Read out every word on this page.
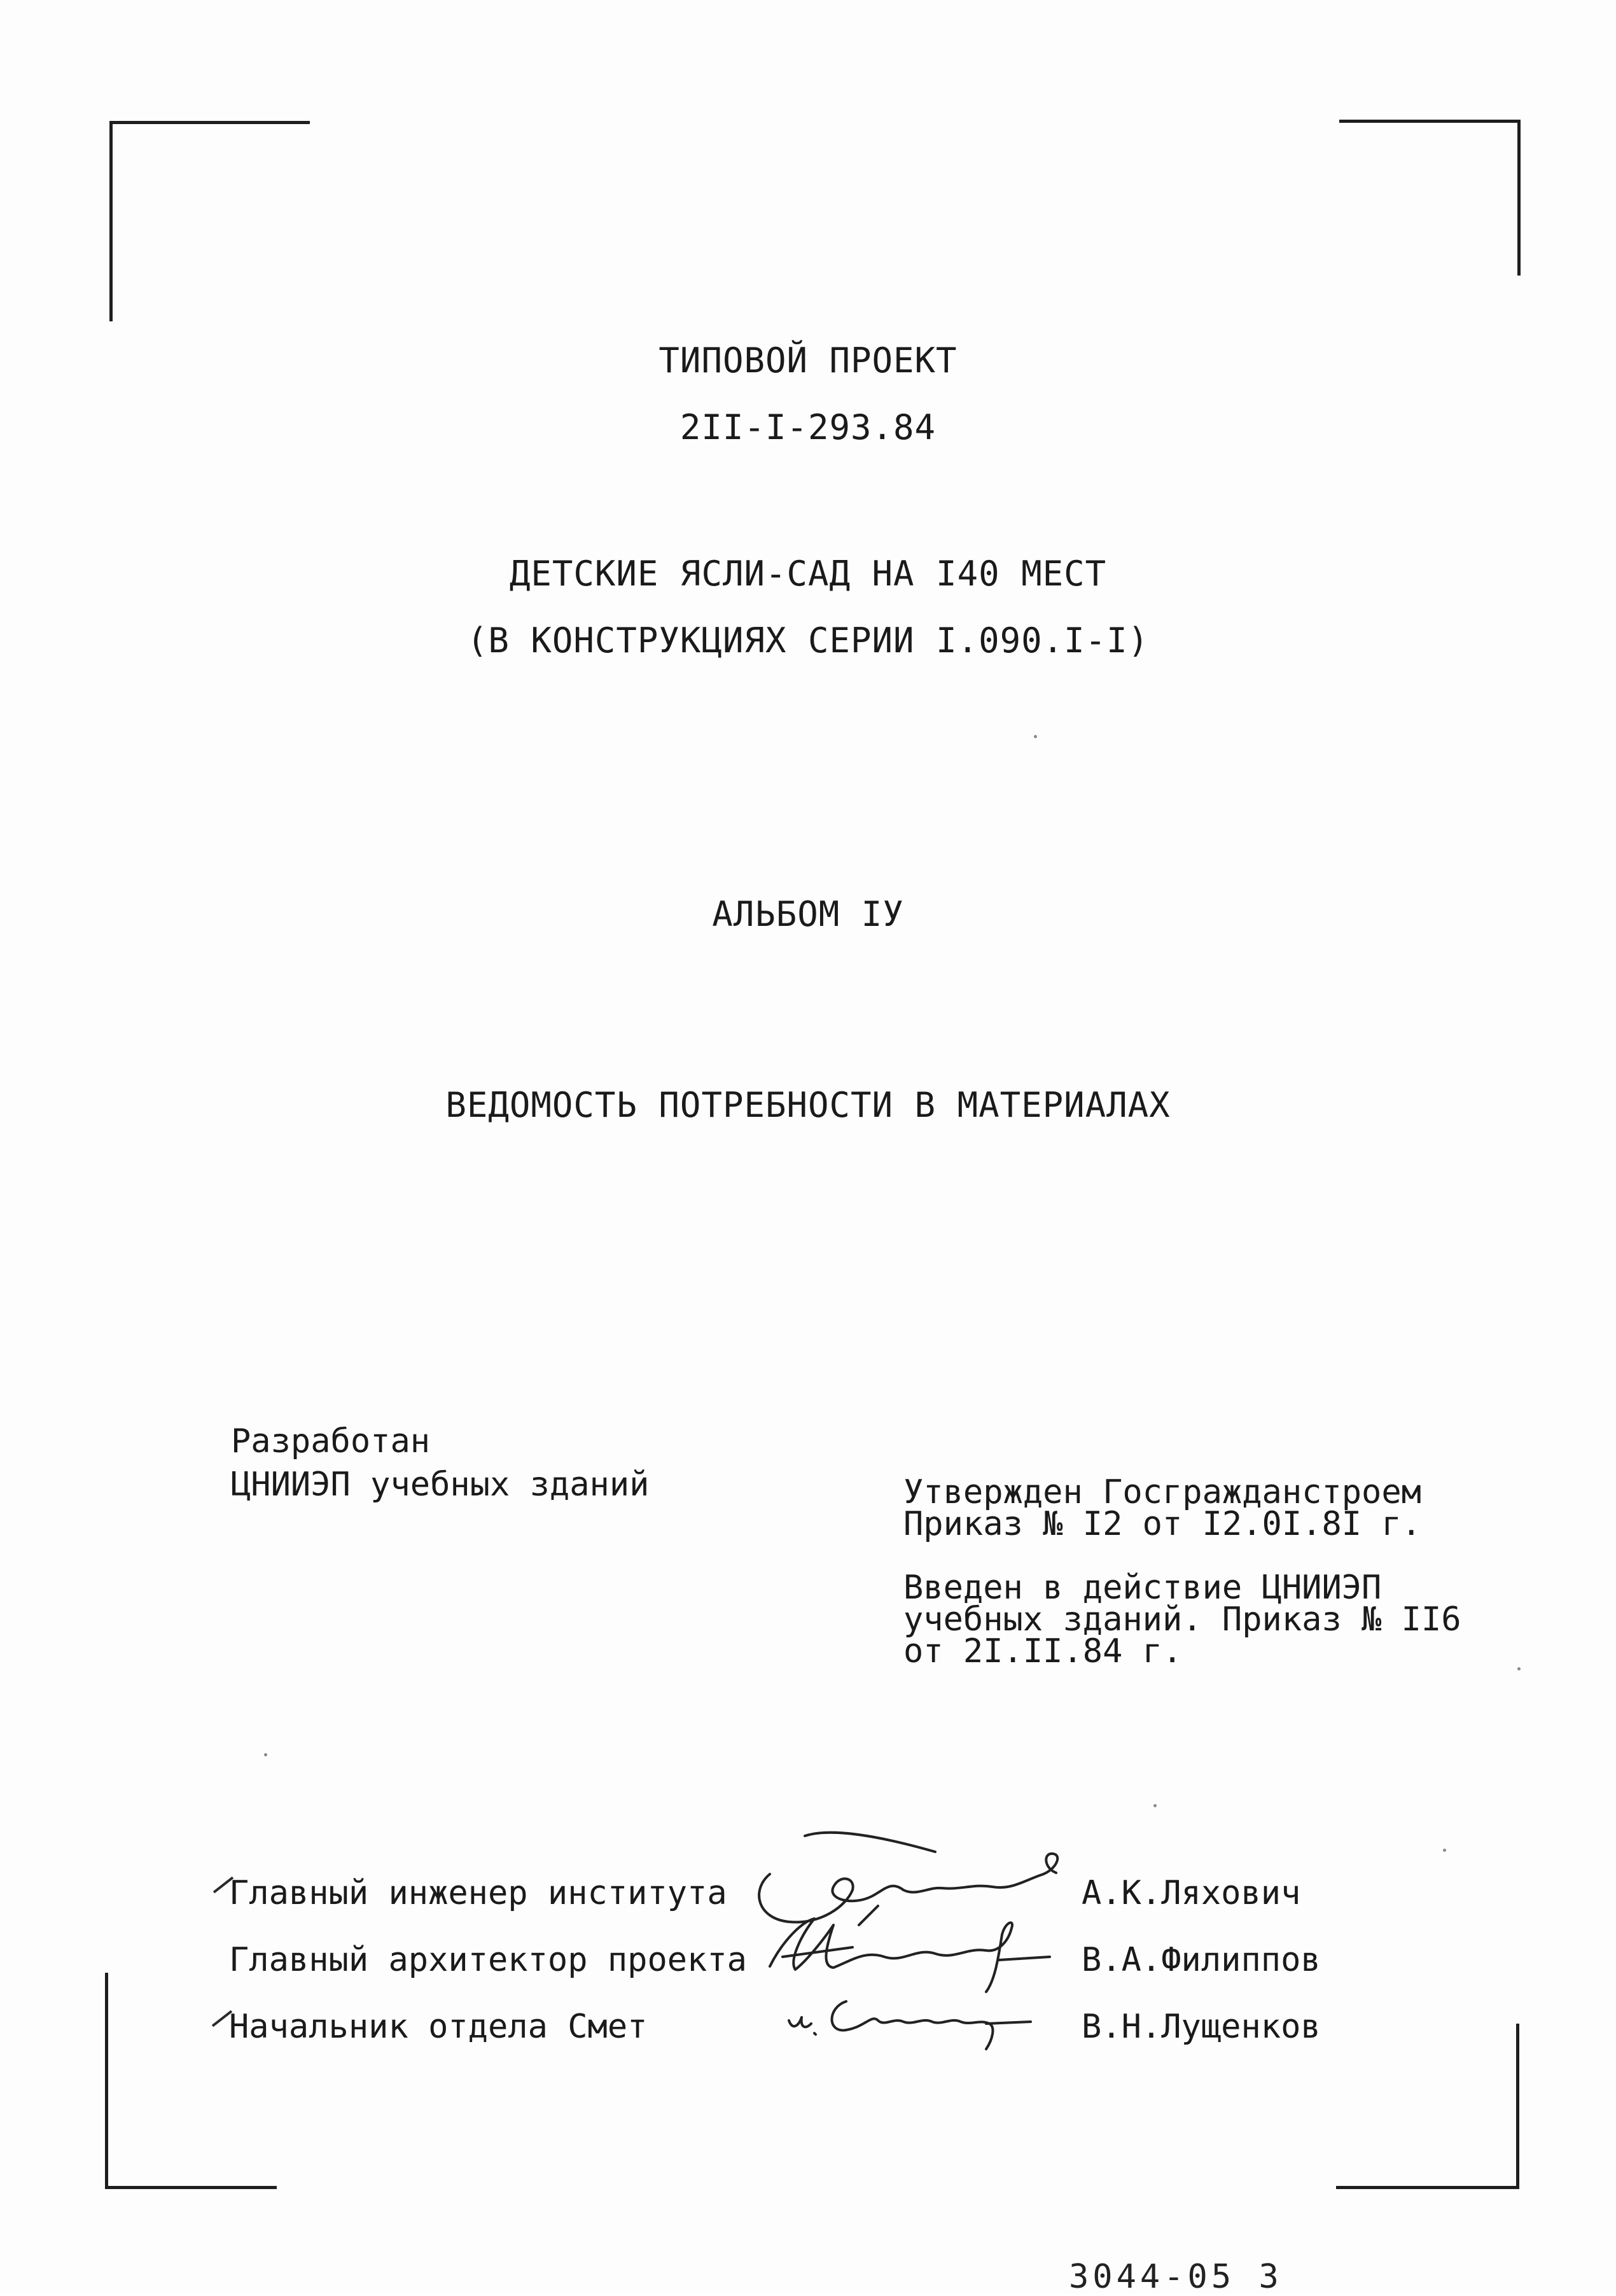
ТИПОВОЙ ПРОЕКТ
2II-I-293.84
ДЕТСКИЕ ЯСЛИ-САД НА I40 МЕСТ
(В КОНСТРУКЦИЯХ СЕРИИ I.090.I-I)
АЛЬБОМ IУ
ВЕДОМОСТЬ ПОТРЕБНОСТИ В МАТЕРИАЛАХ
Разработан
ЦНИИЭП учебных зданий	Утвержден Госгражданстроем
Приказ № I2 от I2.0I.8I г.
Введен в действие ЦНИИЭП
учебных зданий. Приказ № II6
от 2I.II.84 г.
Главный инженер института	А.К.Ляхович
Главный архитектор проекта	В.А.Филиппов
Начальник отдела Смет	В.Н.Лущенков
3044-05 3
